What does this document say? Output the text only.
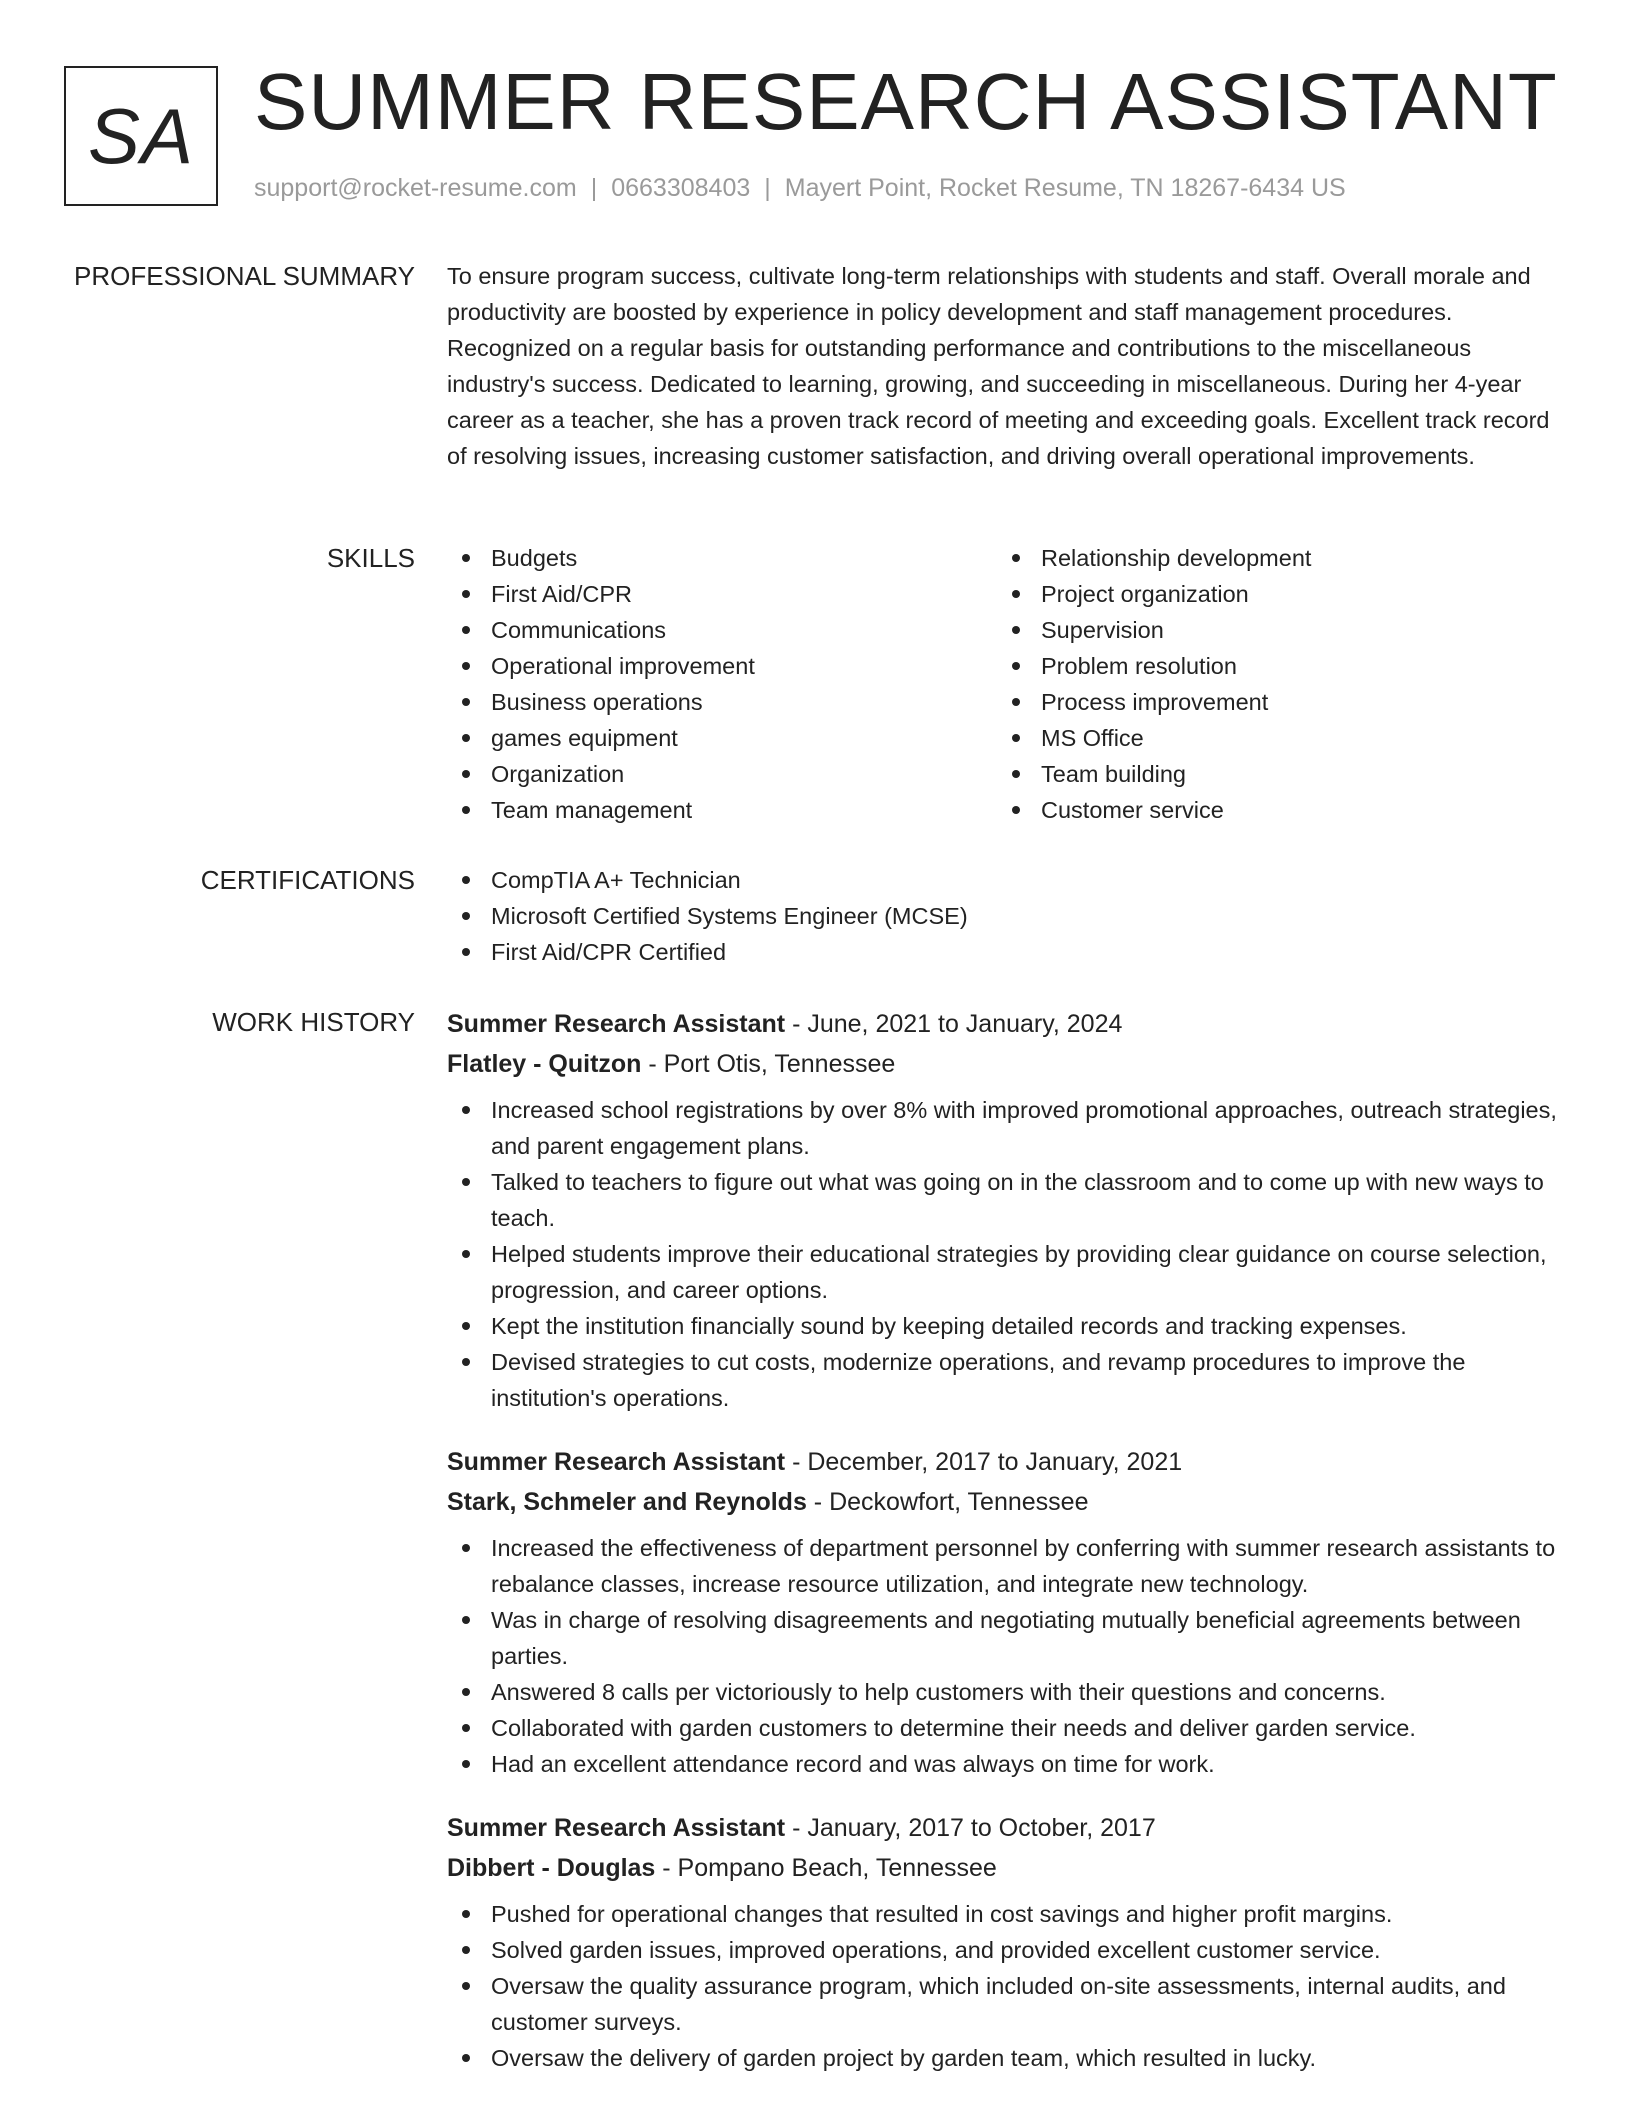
SA SUMMER RESEARCH ASSISTANT
support@rocket-resume.com | 0663308403 | Mayert Point, Rocket Resume, TN 18267-6434 US
PROFESSIONAL SUMMARY To ensure program success, cultivate long-term relationships with students and staff. Overall morale and productivity are boosted by experience in policy development and staff management procedures. Recognized on a regular basis for outstanding performance and contributions to the miscellaneous industry's success. Dedicated to learning, growing, and succeeding in miscellaneous. During her 4-year career as a teacher, she has a proven track record of meeting and exceeding goals. Excellent track record of resolving issues, increasing customer satisfaction, and driving overall operational improvements.
SKILLS	Budgets
First Aid/CPR
Communications
Operational improvement
Business operations
games equipment
Organization
Team management
Relationship development
Project organization
Supervision
Problem resolution
Process improvement
MS Office
Team building
Customer service
CERTIFICATIONS	CompTIA A+ Technician
Microsoft Certified Systems Engineer (MCSE)
First Aid/CPR Certified
WORK HISTORY Summer Research Assistant - June, 2021 to January, 2024
Flatley - Quitzon - Port Otis, Tennessee
Increased school registrations by over 8% with improved promotional approaches, outreach strategies, and parent engagement plans.
Talked to teachers to figure out what was going on in the classroom and to come up with new ways to teach.
Helped students improve their educational strategies by providing clear guidance on course selection, progression, and career options.
Kept the institution financially sound by keeping detailed records and tracking expenses.
Devised strategies to cut costs, modernize operations, and revamp procedures to improve the institution's operations.
Summer Research Assistant - December, 2017 to January, 2021
Stark, Schmeler and Reynolds - Deckowfort, Tennessee
Increased the effectiveness of department personnel by conferring with summer research assistants to rebalance classes, increase resource utilization, and integrate new technology.
Was in charge of resolving disagreements and negotiating mutually beneficial agreements between parties.
Answered 8 calls per victoriously to help customers with their questions and concerns.
Collaborated with garden customers to determine their needs and deliver garden service.
Had an excellent attendance record and was always on time for work.
Summer Research Assistant - January, 2017 to October, 2017
Dibbert - Douglas - Pompano Beach, Tennessee
Pushed for operational changes that resulted in cost savings and higher profit margins.
Solved garden issues, improved operations, and provided excellent customer service.
Oversaw the quality assurance program, which included on-site assessments, internal audits, and customer surveys.
Oversaw the delivery of garden project by garden team, which resulted in lucky.
